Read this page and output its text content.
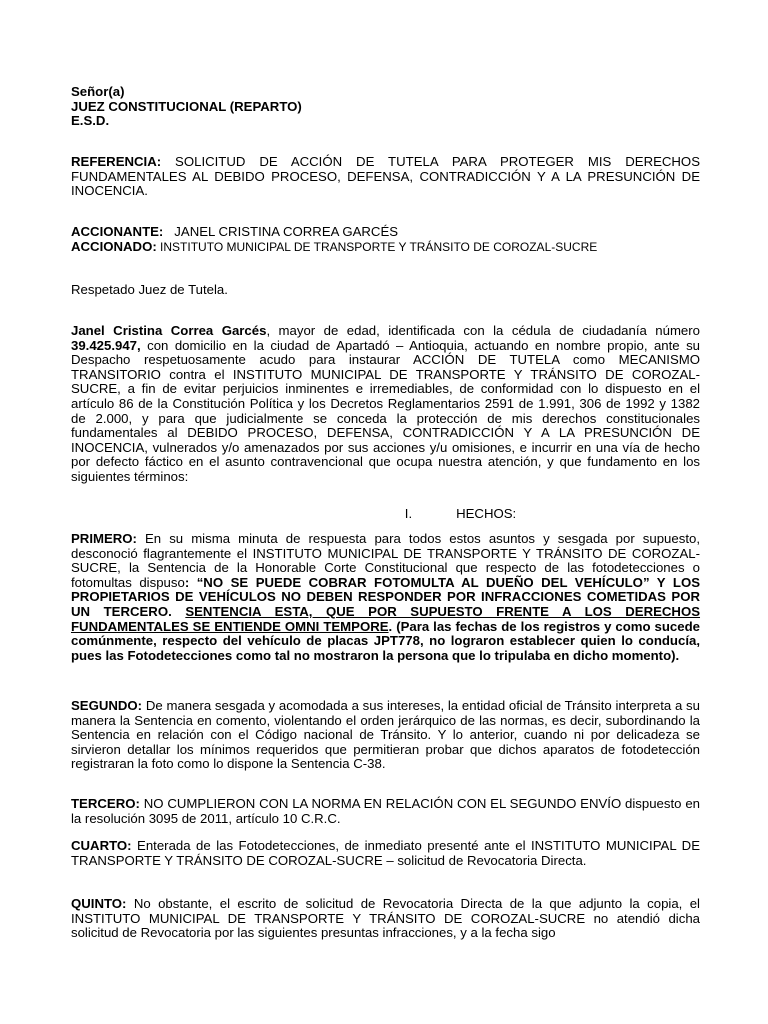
Señor(a)

JUEZ CONSTITUCIONAL (REPARTO)

E.S.D.

REFERENCIA: SOLICITUD DE ACCIÓN DE TUTELA PARA PROTEGER MIS DERECHOS FUNDAMENTALES AL DEBIDO PROCESO, DEFENSA, CONTRADICCIÓN Y A LA PRESUNCIÓN DE INOCENCIA.

ACCIONANTE:   JANEL CRISTINA CORREA GARCÉS

ACCIONADO: INSTITUTO MUNICIPAL DE TRANSPORTE Y TRÁNSITO DE COROZAL-SUCRE

Respetado Juez de Tutela.

Janel Cristina Correa Garcés, mayor de edad, identificada con la cédula de ciudadanía número 39.425.947, con domicilio en la ciudad de Apartadó – Antioquia, actuando en nombre propio, ante su Despacho respetuosamente acudo para instaurar ACCIÓN DE TUTELA como MECANISMO TRANSITORIO contra el INSTITUTO MUNICIPAL DE TRANSPORTE Y TRÁNSITO DE COROZAL-SUCRE, a fin de evitar perjuicios inminentes e irremediables, de conformidad con lo dispuesto en el artículo 86 de la Constitución Política y los Decretos Reglamentarios 2591 de 1.991, 306 de 1992 y 1382 de 2.000, y para que judicialmente se conceda la protección de mis derechos constitucionales fundamentales al DEBIDO PROCESO, DEFENSA, CONTRADICCIÓN Y A LA PRESUNCIÓN DE INOCENCIA, vulnerados y/o amenazados por sus acciones y/u omisiones, e incurrir en una vía de hecho por defecto fáctico en el asunto contravencional que ocupa nuestra atención, y que fundamento en los siguientes términos:

I.	HECHOS:

PRIMERO: En su misma minuta de respuesta para todos estos asuntos y sesgada por supuesto, desconoció flagrantemente el INSTITUTO MUNICIPAL DE TRANSPORTE Y TRÁNSITO DE COROZAL-SUCRE, la Sentencia de la Honorable Corte Constitucional que respecto de las fotodetecciones o fotomultas dispuso: “NO SE PUEDE COBRAR FOTOMULTA AL DUEÑO DEL VEHÍCULO” Y LOS PROPIETARIOS DE VEHÍCULOS NO DEBEN RESPONDER POR INFRACCIONES COMETIDAS POR UN TERCERO. SENTENCIA ESTA, QUE POR SUPUESTO FRENTE A LOS DERECHOS FUNDAMENTALES SE ENTIENDE OMNI TEMPORE. (Para las fechas de los registros y como sucede comúnmente, respecto del vehículo de placas JPT778, no lograron establecer quien lo conducía, pues las Fotodetecciones como tal no mostraron la persona que lo tripulaba en dicho momento).

SEGUNDO: De manera sesgada y acomodada a sus intereses, la entidad oficial de Tránsito interpreta a su manera la Sentencia en comento, violentando el orden jerárquico de las normas, es decir, subordinando la Sentencia en relación con el Código nacional de Tránsito. Y lo anterior, cuando ni por delicadeza se sirvieron detallar los mínimos requeridos que permitieran probar que dichos aparatos de fotodetección registraran la foto como lo dispone la Sentencia C-38.

TERCERO: NO CUMPLIERON CON LA NORMA EN RELACIÓN CON EL SEGUNDO ENVÍO dispuesto en la resolución 3095 de 2011, artículo 10 C.R.C.

CUARTO: Enterada de las Fotodetecciones, de inmediato presenté ante el INSTITUTO MUNICIPAL DE TRANSPORTE Y TRÁNSITO DE COROZAL-SUCRE – solicitud de Revocatoria Directa.

QUINTO: No obstante, el escrito de solicitud de Revocatoria Directa de la que adjunto la copia, el INSTITUTO MUNICIPAL DE TRANSPORTE Y TRÁNSITO DE COROZAL-SUCRE no atendió dicha solicitud de Revocatoria por las siguientes presuntas infracciones, y a la fecha sigo
